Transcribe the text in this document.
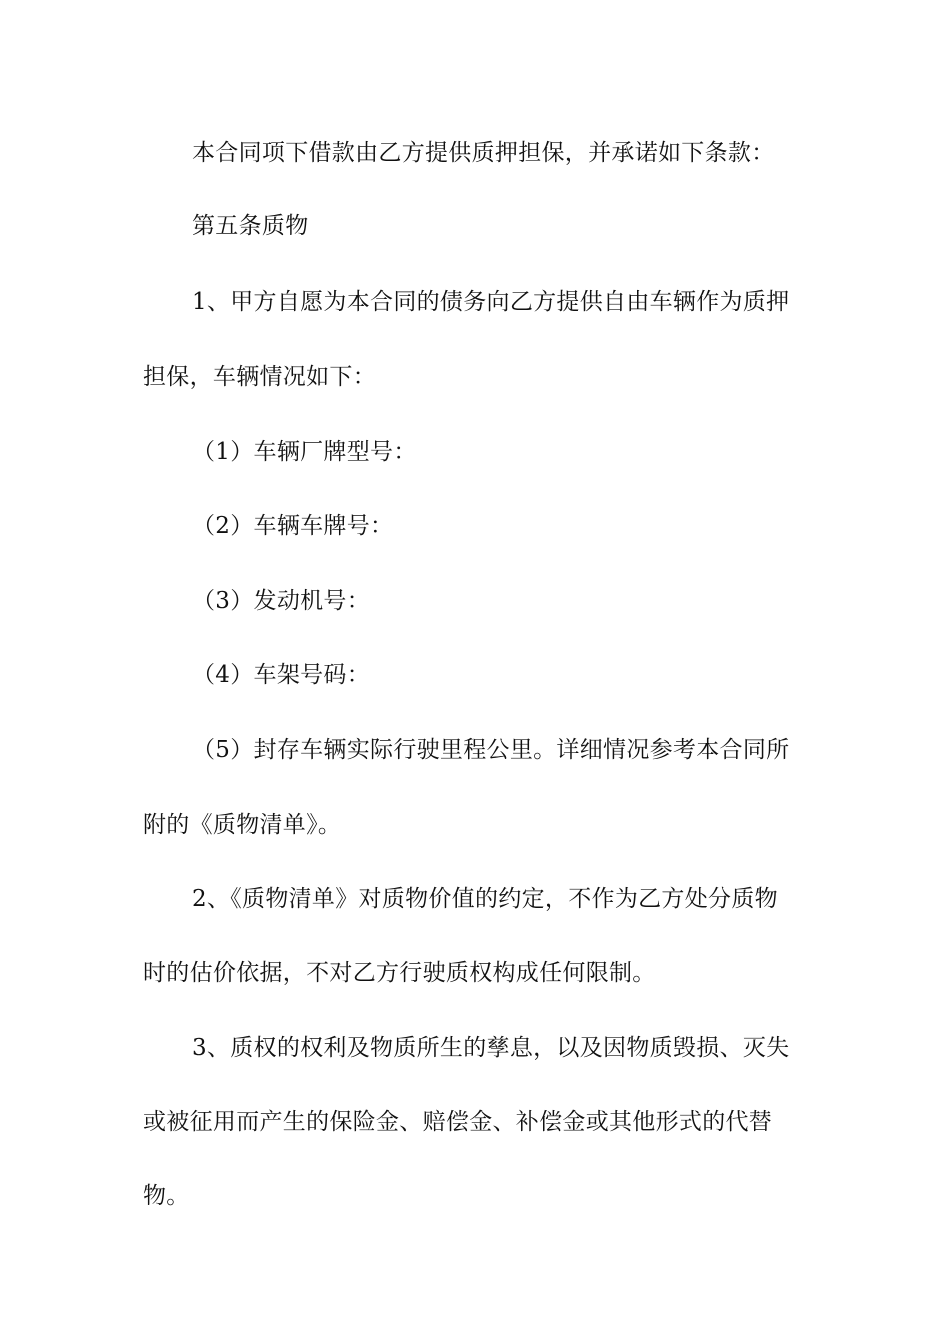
本合同项下借款由乙方提供质押担保，并承诺如下条款：
第五条质物
1、甲方自愿为本合同的债务向乙方提供自由车辆作为质押
担保，车辆情况如下：
（1）车辆厂牌型号：
（2）车辆车牌号：
（3）发动机号：
（4）车架号码：
（5）封存车辆实际行驶里程公里。详细情况参考本合同所
附的《质物清单》。
2、《质物清单》对质物价值的约定，不作为乙方处分质物
时的估价依据，不对乙方行驶质权构成任何限制。
3、质权的权利及物质所生的孳息，以及因物质毁损、灭失
或被征用而产生的保险金、赔偿金、补偿金或其他形式的代替
物。
